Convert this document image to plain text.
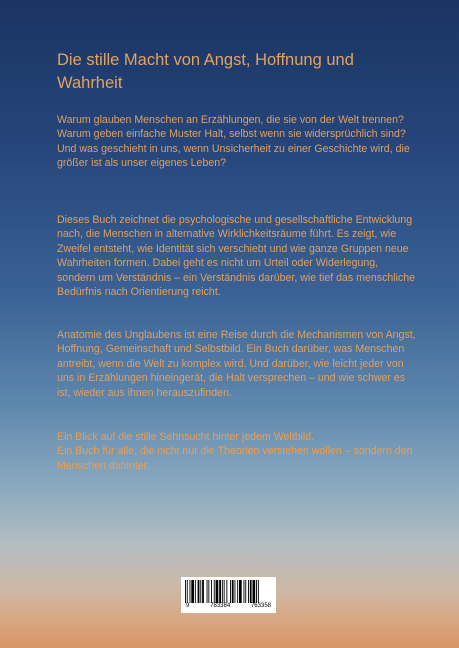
Die stille Macht von Angst, Hoffnung und Wahrheit

Warum glauben Menschen an Erzählungen, die sie von der Welt trennen?

Warum geben einfache Muster Halt, selbst wenn sie widersprüchlich sind?

Und was geschieht in uns, wenn Unsicherheit zu einer Geschichte wird, die größer ist als unser eigenes Leben?

Dieses Buch zeichnet die psychologische und gesellschaftliche Entwicklung nach, die Menschen in alternative Wirklichkeitsräume führt. Es zeigt, wie Zweifel entsteht, wie Identität sich verschiebt und wie ganze Gruppen neue Wahrheiten formen. Dabei geht es nicht um Urteil oder Widerlegung, sondern um Verständnis – ein Verständnis darüber, wie tief das menschliche Bedürfnis nach Orientierung reicht.

Anatomie des Unglaubens ist eine Reise durch die Mechanismen von Angst, Hoffnung, Gemeinschaft und Selbstbild. Ein Buch darüber, was Menschen antreibt, wenn die Welt zu komplex wird. Und darüber, wie leicht jeder von uns in Erzählungen hineingerät, die Halt versprechen – und wie schwer es ist, wieder aus ihnen herauszufinden.

Ein Blick auf die stille Sehnsucht hinter jedem Weltbild.

Ein Buch für alle, die nicht nur die Theorien verstehen wollen – sondern den Menschen dahinter.

9	783384	763358
